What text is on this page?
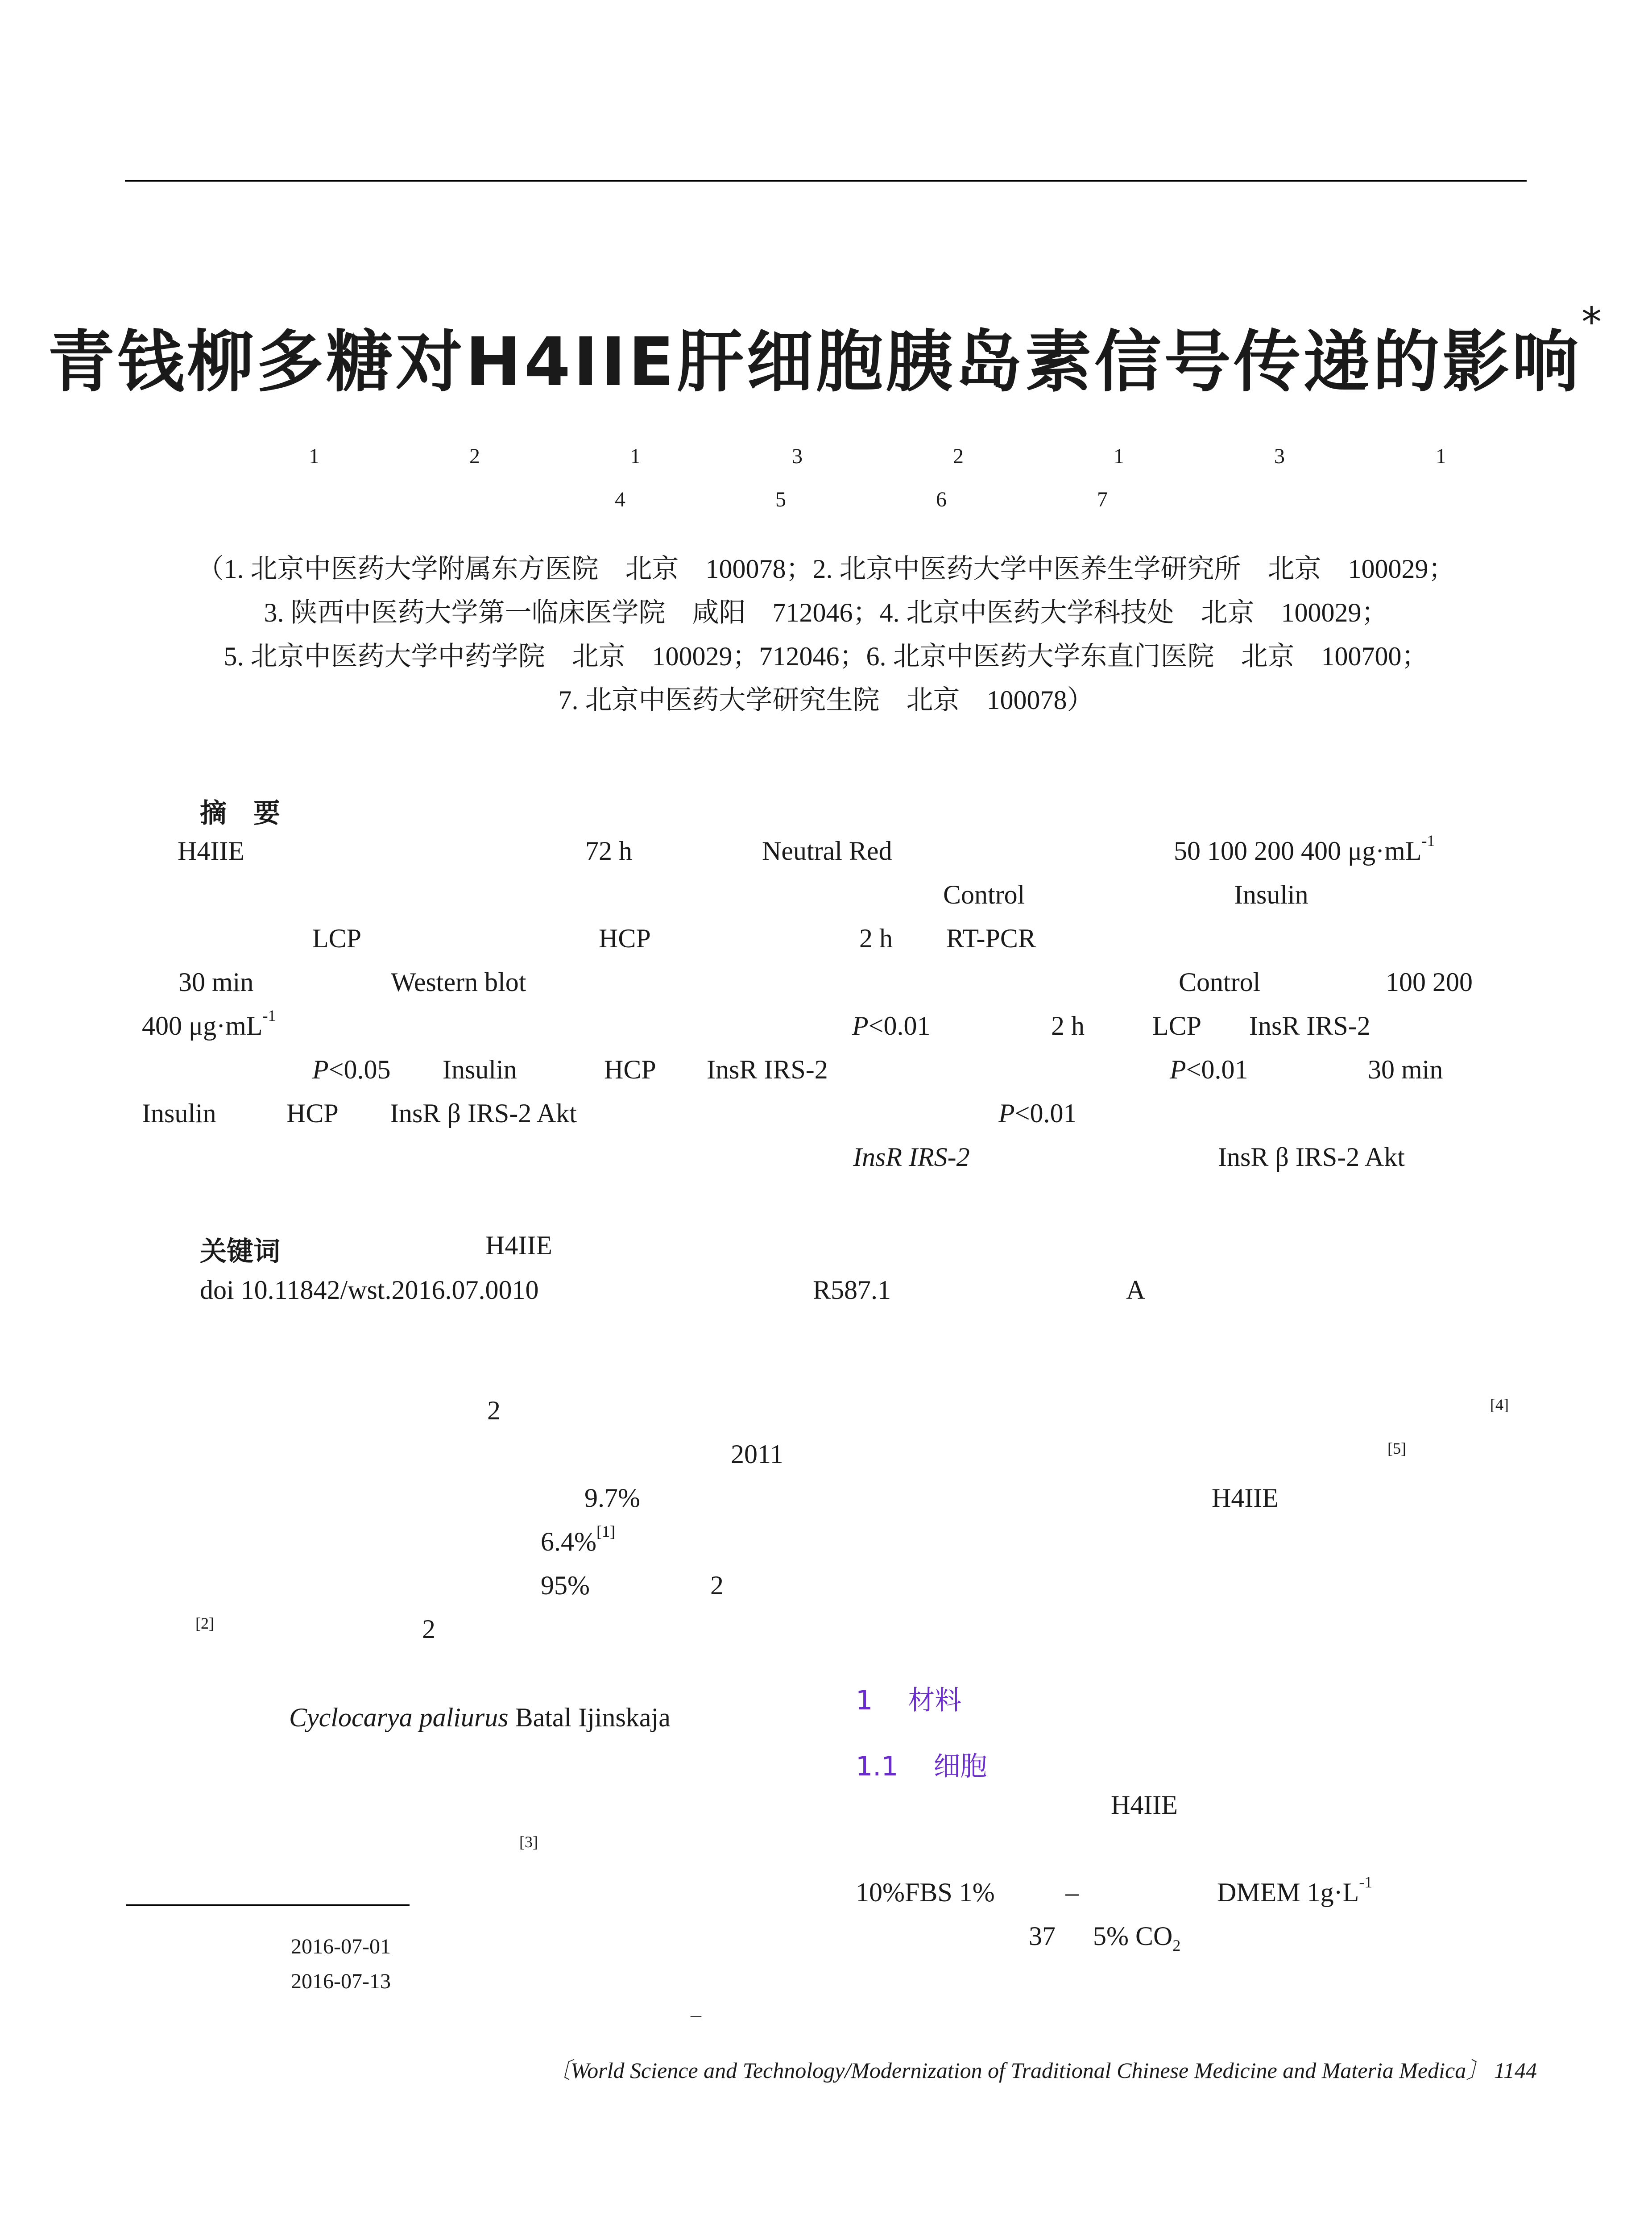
青钱柳多糖对H4IIE肝细胞胰岛素信号传递的影响*
1	2	1	3	2	1	3	1
4	5	6	7
（1. 北京中医药大学附属东方医院　北京　100078；2. 北京中医药大学中医养生学研究所　北京　100029；
3. 陕西中医药大学第一临床医学院　咸阳　712046；4. 北京中医药大学科技处　北京　100029；
5. 北京中医药大学中药学院　北京　100029；712046；6. 北京中医药大学东直门医院　北京　100700；
7. 北京中医药大学研究生院　北京　100078）
摘　要
H4IIE	72 h	Neutral Red	50 100 200 400 $\mu g\cdot mL^{-1}$
Control	Insulin
LCP	HCP	2 h RT-PCR
30 min	Western blot	Control	100 200
400 $\mu g\cdot mL^{-1}$	P<0.01	2 h	LCP InsR IRS-2
P<0.05 Insulin	HCP InsR IRS-2	P<0.01	30 min
Insulin	HCP InsR β IRS-2 Akt	P<0.01
InsR IRS-2	InsR β IRS-2 Akt
关键词	H4IIE
doi 10.11842/wst.2016.07.0010	R587.1	A
2
2011
9.7%
6.4%[1]
95%	2
[2]	2
Cyclocarya paliurus Batal Ijinskaja
[3]
[4]
[5]
H4IIE
1　 材料
1.1　 细胞
H4IIE
10%FBS 1%	–	DMEM $1g\cdot L^{-1}$
37 5% $CO_2$
2016-07-01
2016-07-13
–
〔World Science and Technology/Modernization of Traditional Chinese Medicine and Materia Medica〕 1144
